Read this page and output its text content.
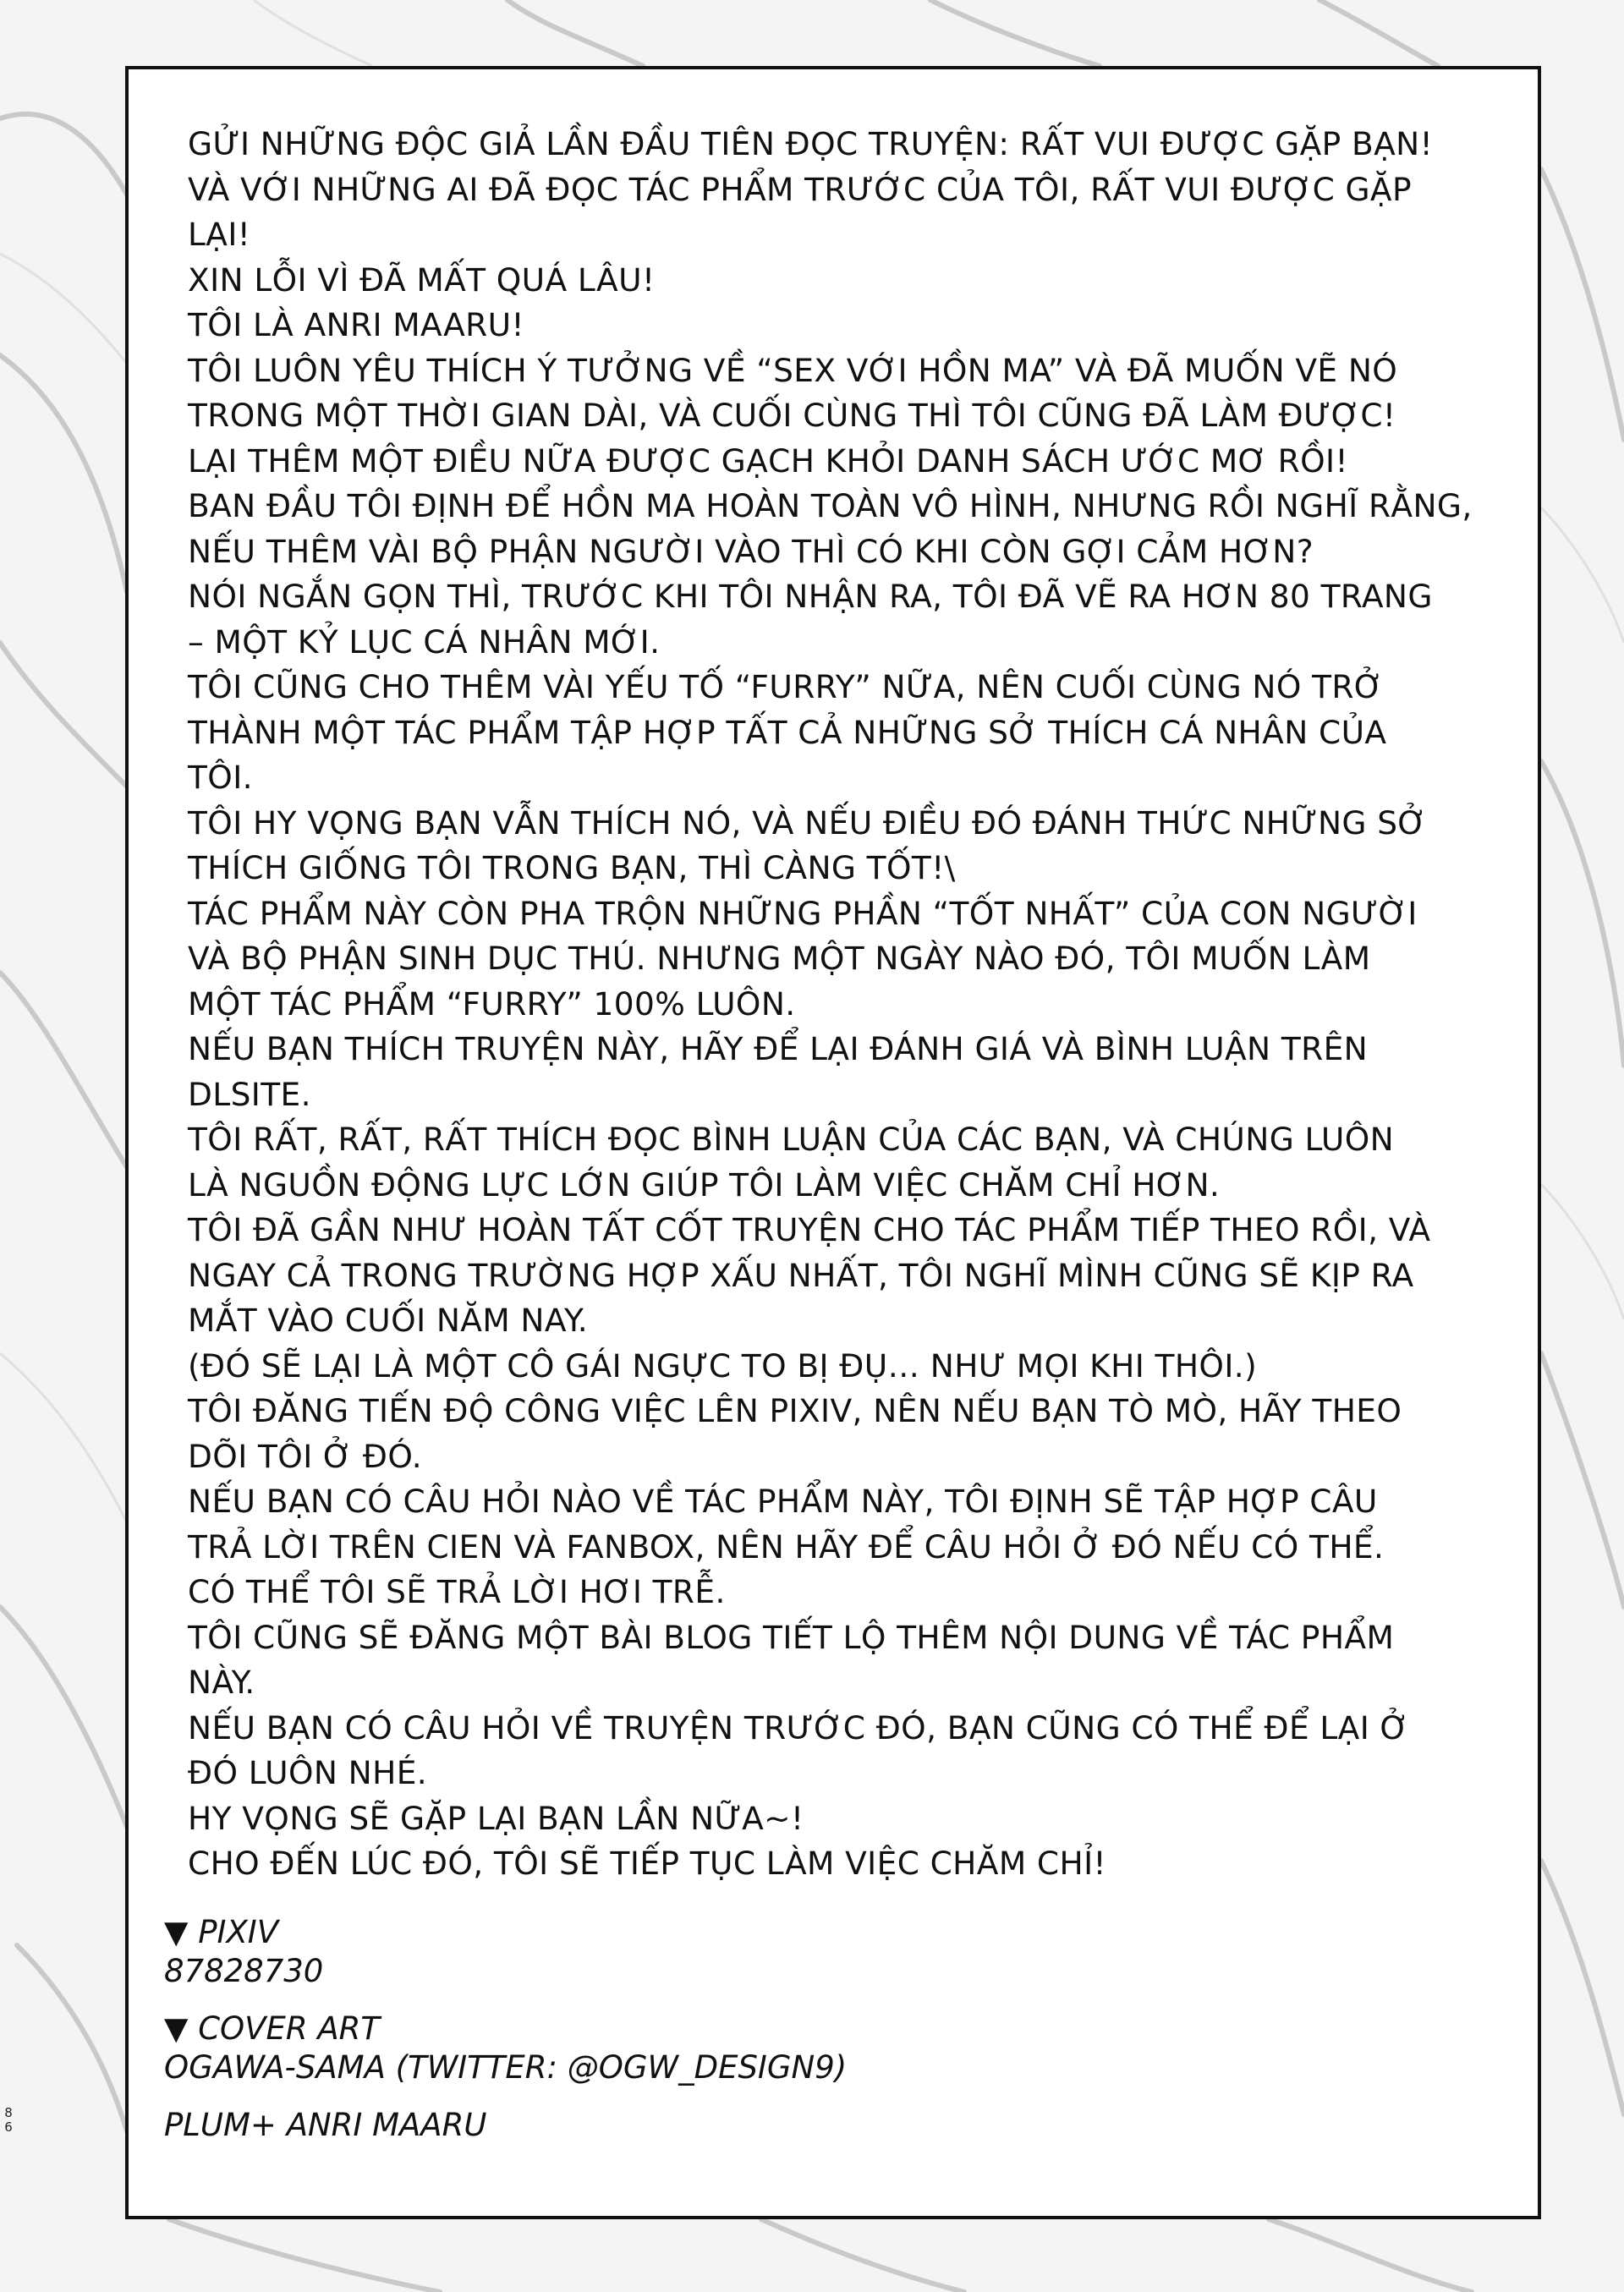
GỬI NHỮNG ĐỘC GIẢ LẦN ĐẦU TIÊN ĐỌC TRUYỆN: RẤT VUI ĐƯỢC GẶP BẠN!
VÀ VỚI NHỮNG AI ĐÃ ĐỌC TÁC PHẨM TRƯỚC CỦA TÔI, RẤT VUI ĐƯỢC GẶP
LẠI!
XIN LỖI VÌ ĐÃ MẤT QUÁ LÂU!
TÔI LÀ ANRI MAARU!
TÔI LUÔN YÊU THÍCH Ý TƯỞNG VỀ “SEX VỚI HỒN MA” VÀ ĐÃ MUỐN VẼ NÓ
TRONG MỘT THỜI GIAN DÀI, VÀ CUỐI CÙNG THÌ TÔI CŨNG ĐÃ LÀM ĐƯỢC!
LẠI THÊM MỘT ĐIỀU NỮA ĐƯỢC GẠCH KHỎI DANH SÁCH ƯỚC MƠ RỒI!
BAN ĐẦU TÔI ĐỊNH ĐỂ HỒN MA HOÀN TOÀN VÔ HÌNH, NHƯNG RỒI NGHĨ RẰNG,
NẾU THÊM VÀI BỘ PHẬN NGƯỜI VÀO THÌ CÓ KHI CÒN GỢI CẢM HƠN?
NÓI NGẮN GỌN THÌ, TRƯỚC KHI TÔI NHẬN RA, TÔI ĐÃ VẼ RA HƠN 80 TRANG
– MỘT KỶ LỤC CÁ NHÂN MỚI.
TÔI CŨNG CHO THÊM VÀI YẾU TỐ “FURRY” NỮA, NÊN CUỐI CÙNG NÓ TRỞ
THÀNH MỘT TÁC PHẨM TẬP HỢP TẤT CẢ NHỮNG SỞ THÍCH CÁ NHÂN CỦA
TÔI.
TÔI HY VỌNG BẠN VẪN THÍCH NÓ, VÀ NẾU ĐIỀU ĐÓ ĐÁNH THỨC NHỮNG SỞ
THÍCH GIỐNG TÔI TRONG BẠN, THÌ CÀNG TỐT!\
TÁC PHẨM NÀY CÒN PHA TRỘN NHỮNG PHẦN “TỐT NHẤT” CỦA CON NGƯỜI
VÀ BỘ PHẬN SINH DỤC THÚ. NHƯNG MỘT NGÀY NÀO ĐÓ, TÔI MUỐN LÀM
MỘT TÁC PHẨM “FURRY” 100% LUÔN.
NẾU BẠN THÍCH TRUYỆN NÀY, HÃY ĐỂ LẠI ĐÁNH GIÁ VÀ BÌNH LUẬN TRÊN
DLSITE.
TÔI RẤT, RẤT, RẤT THÍCH ĐỌC BÌNH LUẬN CỦA CÁC BẠN, VÀ CHÚNG LUÔN
LÀ NGUỒN ĐỘNG LỰC LỚN GIÚP TÔI LÀM VIỆC CHĂM CHỈ HƠN.
TÔI ĐÃ GẦN NHƯ HOÀN TẤT CỐT TRUYỆN CHO TÁC PHẨM TIẾP THEO RỒI, VÀ
NGAY CẢ TRONG TRƯỜNG HỢP XẤU NHẤT, TÔI NGHĨ MÌNH CŨNG SẼ KỊP RA
MẮT VÀO CUỐI NĂM NAY.
(ĐÓ SẼ LẠI LÀ MỘT CÔ GÁI NGỰC TO BỊ ĐỤ… NHƯ MỌI KHI THÔI.)
TÔI ĐĂNG TIẾN ĐỘ CÔNG VIỆC LÊN PIXIV, NÊN NẾU BẠN TÒ MÒ, HÃY THEO
DÕI TÔI Ở ĐÓ.
NẾU BẠN CÓ CÂU HỎI NÀO VỀ TÁC PHẨM NÀY, TÔI ĐỊNH SẼ TẬP HỢP CÂU
TRẢ LỜI TRÊN CIEN VÀ FANBOX, NÊN HÃY ĐỂ CÂU HỎI Ở ĐÓ NẾU CÓ THỂ.
CÓ THỂ TÔI SẼ TRẢ LỜI HƠI TRỄ.
TÔI CŨNG SẼ ĐĂNG MỘT BÀI BLOG TIẾT LỘ THÊM NỘI DUNG VỀ TÁC PHẨM
NÀY.
NẾU BẠN CÓ CÂU HỎI VỀ TRUYỆN TRƯỚC ĐÓ, BẠN CŨNG CÓ THỂ ĐỂ LẠI Ở
ĐÓ LUÔN NHÉ.
HY VỌNG SẼ GẶP LẠI BẠN LẦN NỮA~!
CHO ĐẾN LÚC ĐÓ, TÔI SẼ TIẾP TỤC LÀM VIỆC CHĂM CHỈ!
▼ PIXIV
87828730
▼ COVER ART
OGAWA-SAMA (TWITTER: @OGW_DESIGN9)
PLUM+ ANRI MAARU
86
